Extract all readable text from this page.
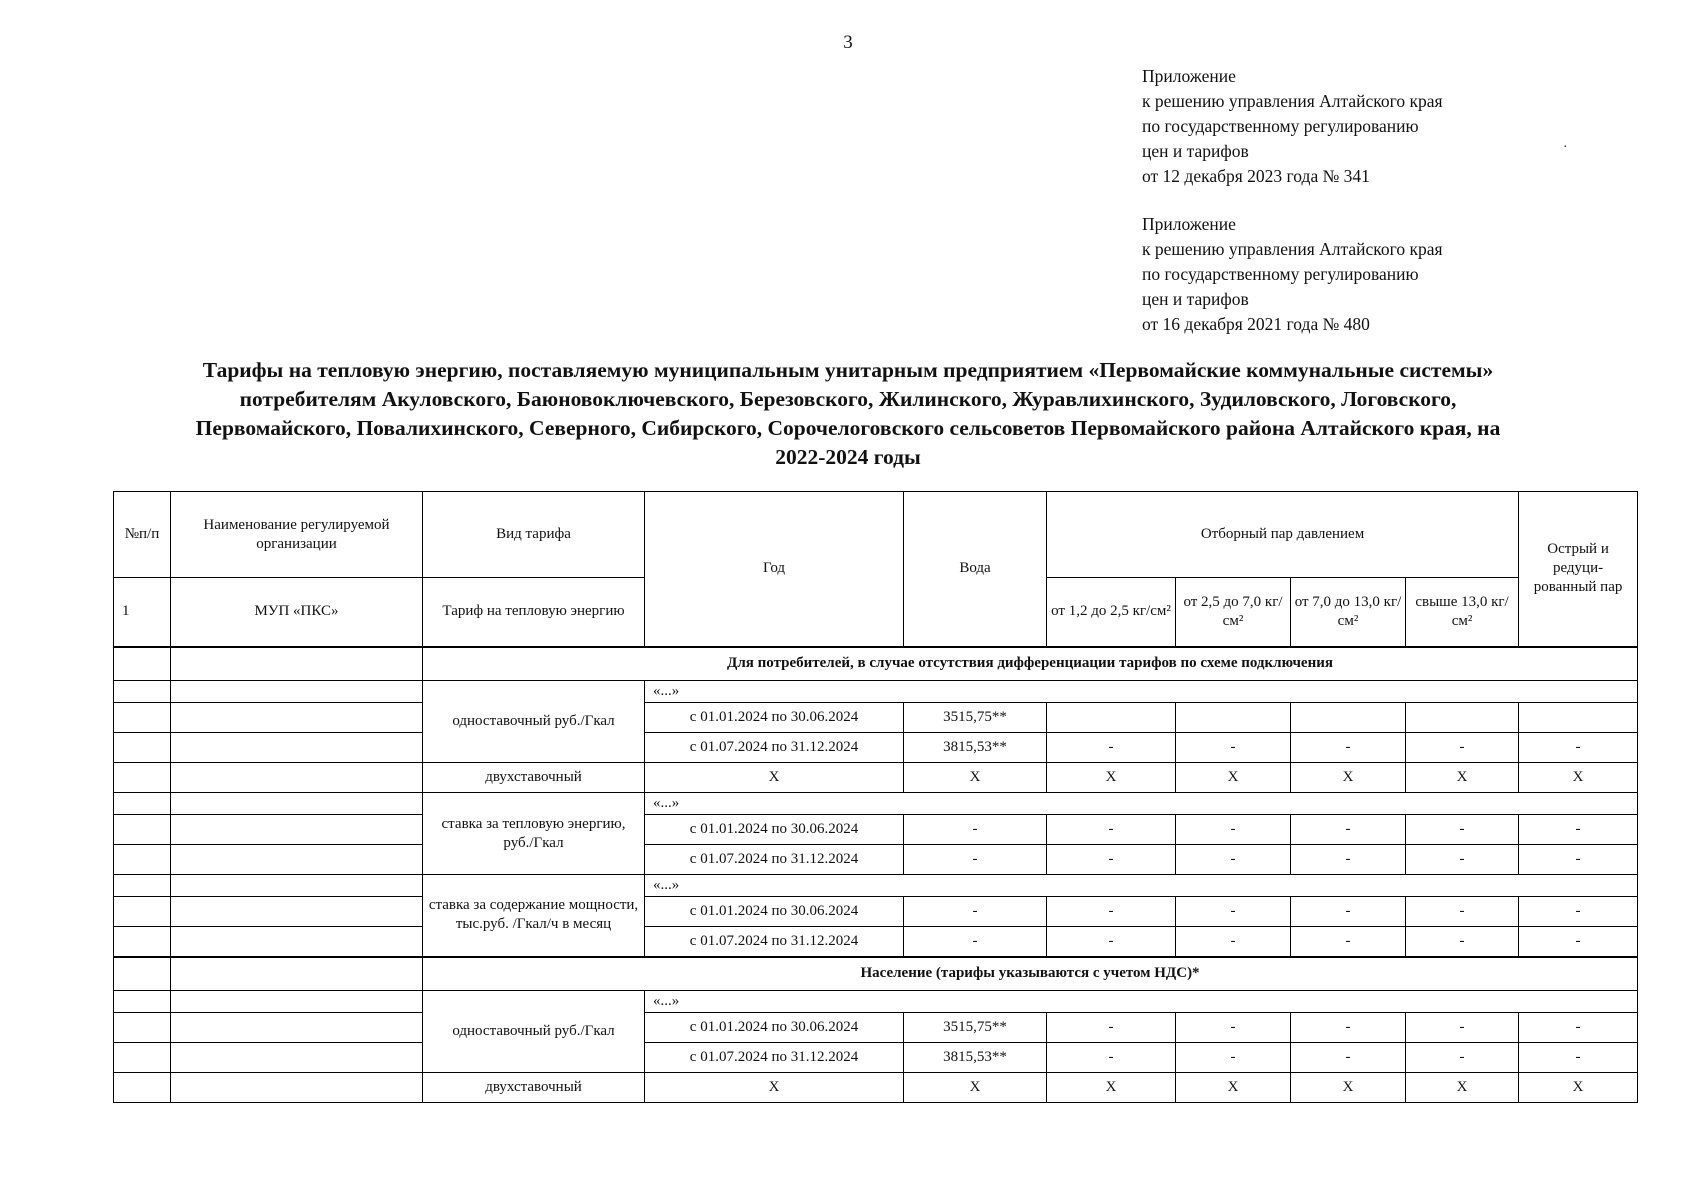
3
Приложение
к решению управления Алтайского края
по государственному регулированию
цен и тарифов
от 12 декабря 2023 года № 341
·
Приложение
к решению управления Алтайского края
по государственному регулированию
цен и тарифов
от 16 декабря 2021 года № 480
Тарифы на тепловую энергию, поставляемую муниципальным унитарным предприятием «Первомайские коммунальные системы»
потребителям Акуловского, Баюновоключевского, Березовского, Жилинского, Журавлихинского, Зудиловского, Логовского,
Первомайского, Повалихинского, Северного, Сибирского, Сорочелоговского сельсоветов Первомайского района Алтайского края, на
2022-2024 годы
№п/п	Наименование регулируемой организации	Вид тарифа	Год	Вода	Отборный пар давлением				Острый и редуци-рованный пар
1	МУП «ПКС»	Тариф на тепловую энергию			от 1,2 до 2,5 кг/см²	от 2,5 до 7,0 кг/см²	от 7,0 до 13,0 кг/см²	свыше 13,0 кг/см²	
		Для потребителей, в случае отсутствия дифференциации тарифов по схеме подключения							
		одноставочный руб./Гкал	«...»						
			с 01.01.2024 по 30.06.2024	3515,75**					
			с 01.07.2024 по 31.12.2024	3815,53**	-	-	-	-	-
		двухставочный	X	X	X	X	X	X	X
		ставка за тепловую энергию, руб./Гкал	«...»						
			с 01.01.2024 по 30.06.2024	-	-	-	-	-	-
			с 01.07.2024 по 31.12.2024	-	-	-	-	-	-
		ставка за содержание мощности, тыс.руб. /Гкал/ч в месяц	«...»						
			с 01.01.2024 по 30.06.2024	-	-	-	-	-	-
			с 01.07.2024 по 31.12.2024	-	-	-	-	-	-
		Население (тарифы указываются с учетом НДС)*							
		одноставочный руб./Гкал	«...»						
			с 01.01.2024 по 30.06.2024	3515,75**	-	-	-	-	-
			с 01.07.2024 по 31.12.2024	3815,53**	-	-	-	-	-
		двухставочный	X	X	X	X	X	X	X
